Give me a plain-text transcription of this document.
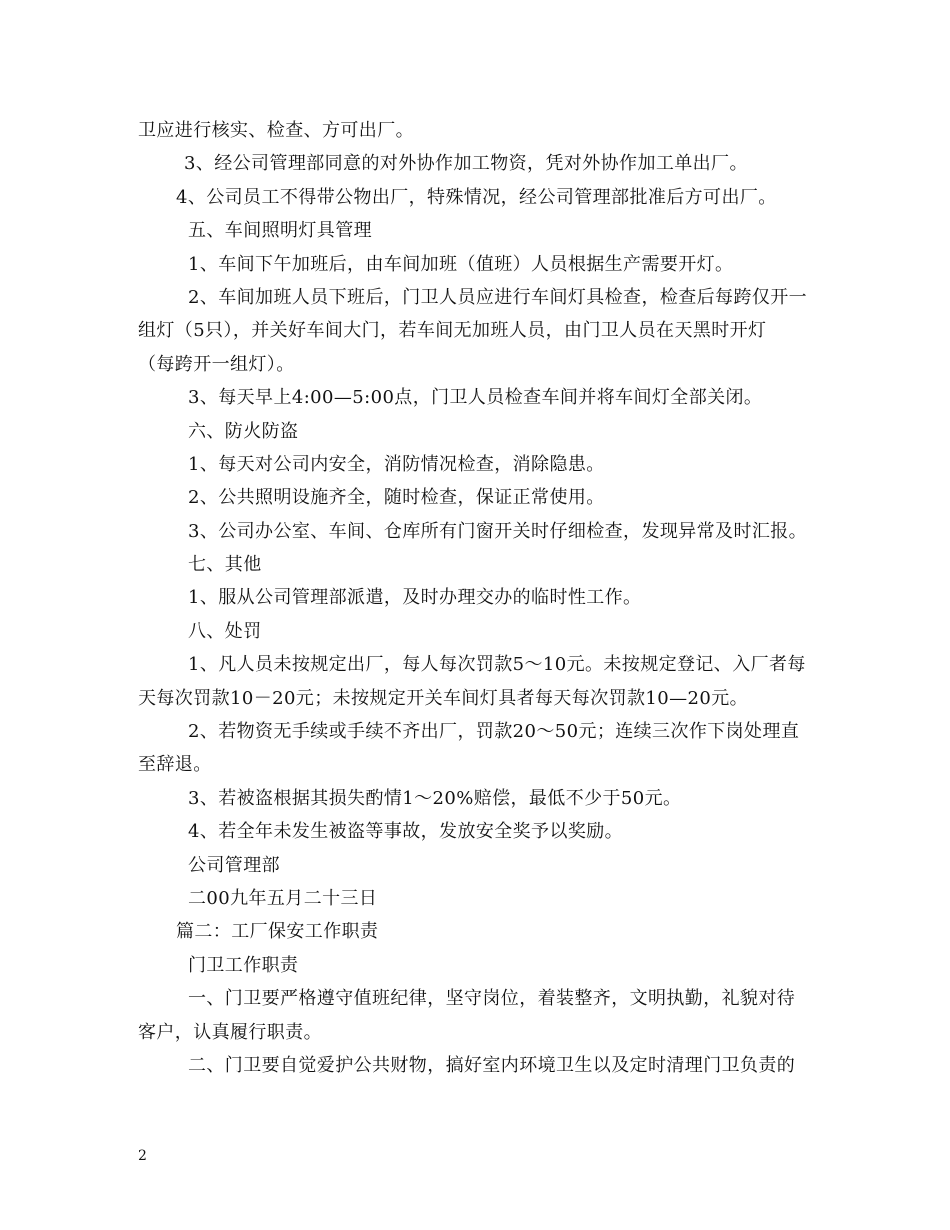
卫应进行核实、检查、方可出厂。
3、经公司管理部同意的对外协作加工物资，凭对外协作加工单出厂。
4、公司员工不得带公物出厂，特殊情况，经公司管理部批准后方可出厂。
五、车间照明灯具管理
1、车间下午加班后，由车间加班（值班）人员根据生产需要开灯。
2、车间加班人员下班后，门卫人员应进行车间灯具检查，检查后每跨仅开一
组灯（5只），并关好车间大门，若车间无加班人员，由门卫人员在天黑时开灯
（每跨开一组灯）。
3、每天早上4:00—5:00点，门卫人员检查车间并将车间灯全部关闭。
六、防火防盗
1、每天对公司内安全，消防情况检查，消除隐患。
2、公共照明设施齐全，随时检查，保证正常使用。
3、公司办公室、车间、仓库所有门窗开关时仔细检查，发现异常及时汇报。
七、其他
1、服从公司管理部派遣，及时办理交办的临时性工作。
八、处罚
1、凡人员未按规定出厂，每人每次罚款5～10元。未按规定登记、入厂者每
天每次罚款10－20元；未按规定开关车间灯具者每天每次罚款10—20元。
2、若物资无手续或手续不齐出厂，罚款20～50元；连续三次作下岗处理直
至辞退。
3、若被盗根据其损失酌情1～20%赔偿，最低不少于50元。
4、若全年未发生被盗等事故，发放安全奖予以奖励。
公司管理部
二00九年五月二十三日
篇二：工厂保安工作职责
门卫工作职责
一、门卫要严格遵守值班纪律，坚守岗位，着装整齐，文明执勤，礼貌对待
客户，认真履行职责。
二、门卫要自觉爱护公共财物，搞好室内环境卫生以及定时清理门卫负责的
2
